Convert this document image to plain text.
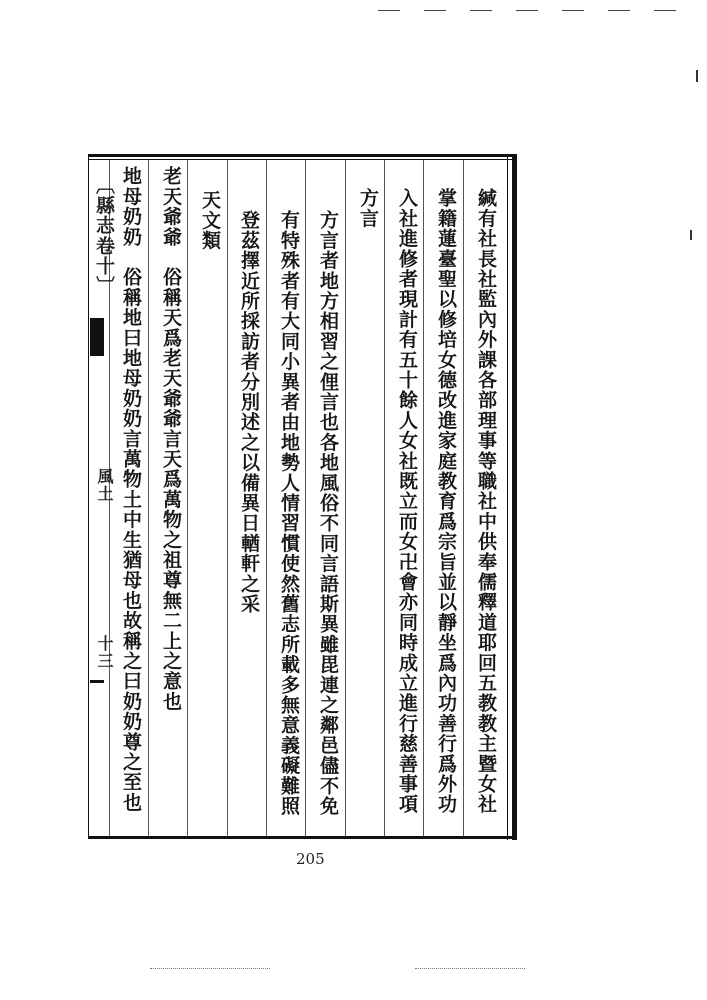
〔縣志卷十〕
風土
十三	緘有社長社監內外課各部理事等職社中供奉儒釋道耶回五教教主暨女社
掌籍蓮臺聖以修培女德改進家庭教育爲宗旨並以靜坐爲內功善行爲外功
入社進修者現計有五十餘人女社既立而女卍會亦同時成立進行慈善事項
方言
方言者地方相習之俚言也各地風俗不同言語斯異雖毘連之鄰邑儘不免
有特殊者有大同小異者由地勢人情習慣使然舊志所載多無意義礙難照
登茲擇近所採訪者分別述之以備異日輶軒之采
天文類
老天爺爺　俗稱天爲老天爺爺言天爲萬物之祖尊無二上之意也
地母奶奶　俗稱地曰地母奶奶言萬物土中生猶母也故稱之曰奶奶尊之至也
205
